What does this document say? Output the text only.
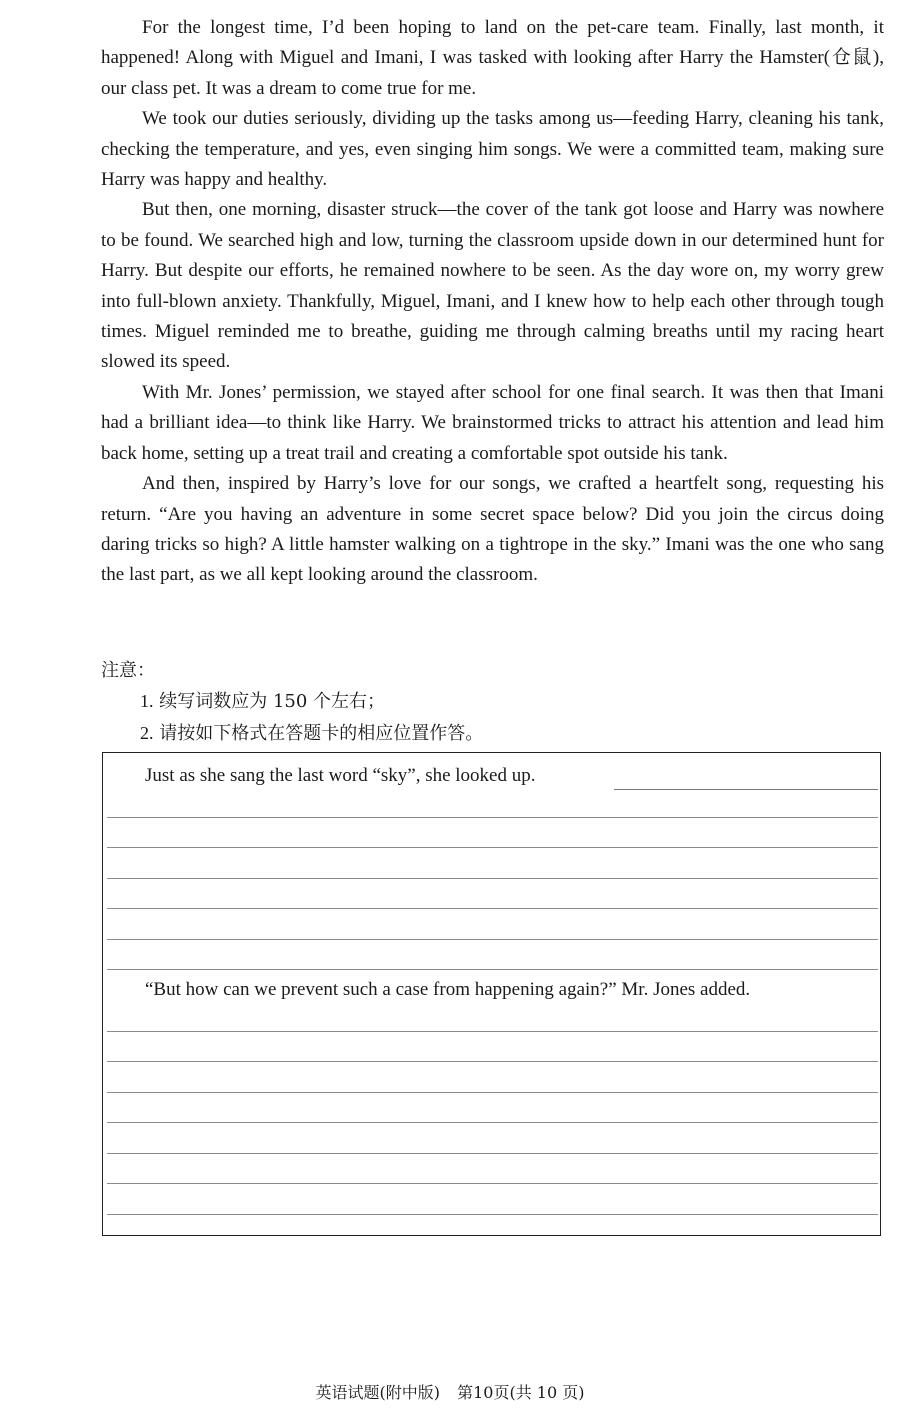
For the longest time, I’d been hoping to land on the pet-care team. Finally, last month, it happened! Along with Miguel and Imani, I was tasked with looking after Harry the Hamster(仓鼠), our class pet. It was a dream to come true for me.

We took our duties seriously, dividing up the tasks among us—feeding Harry, cleaning his tank, checking the temperature, and yes, even singing him songs. We were a committed team, making sure Harry was happy and healthy.

But then, one morning, disaster struck—the cover of the tank got loose and Harry was nowhere to be found. We searched high and low, turning the classroom upside down in our determined hunt for Harry. But despite our efforts, he remained nowhere to be seen. As the day wore on, my worry grew into full-blown anxiety. Thankfully, Miguel, Imani, and I knew how to help each other through tough times. Miguel reminded me to breathe, guiding me through calming breaths until my racing heart slowed its speed.

With Mr. Jones’ permission, we stayed after school for one final search. It was then that Imani had a brilliant idea—to think like Harry. We brainstormed tricks to attract his attention and lead him back home, setting up a treat trail and creating a comfortable spot outside his tank.

And then, inspired by Harry’s love for our songs, we crafted a heartfelt song, requesting his return. “Are you having an adventure in some secret space below? Did you join the circus doing daring tricks so high? A little hamster walking on a tightrope in the sky.” Imani was the one who sang the last part, as we all kept looking around the classroom.

注意：

1. 续写词数应为 150 个左右；
2. 请按如下格式在答题卡的相应位置作答。
Just as she sang the last word “sky”, she looked up.
“But how can we prevent such a case from happening again?” Mr. Jones added.
英语试题(附中版) 第10页(共 10 页)
